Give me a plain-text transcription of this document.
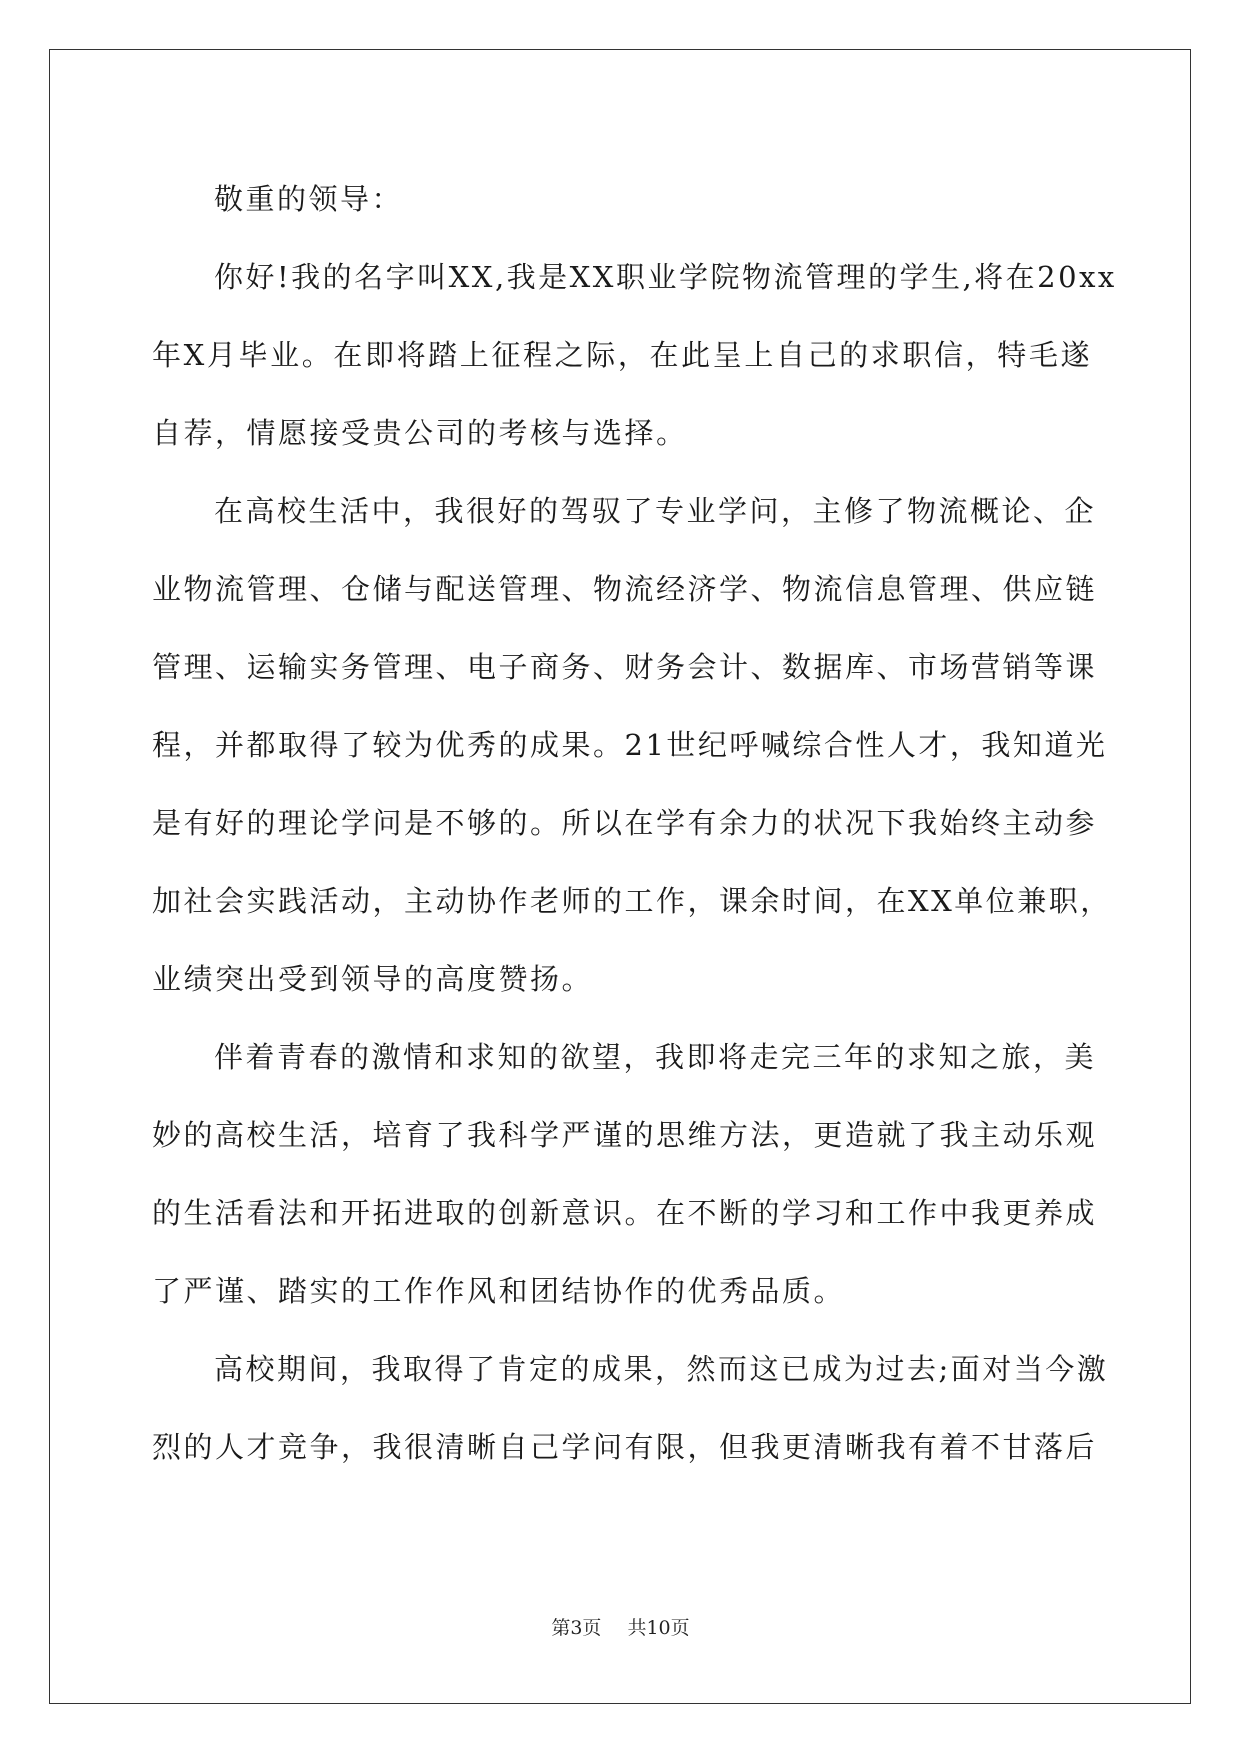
敬重的领导：
你好!我的名字叫XX,我是XX职业学院物流管理的学生,将在20xx
年X月毕业。在即将踏上征程之际，在此呈上自己的求职信，特毛遂
自荐，情愿接受贵公司的考核与选择。
在高校生活中，我很好的驾驭了专业学问，主修了物流概论、企
业物流管理、仓储与配送管理、物流经济学、物流信息管理、供应链
管理、运输实务管理、电子商务、财务会计、数据库、市场营销等课
程，并都取得了较为优秀的成果。21世纪呼喊综合性人才，我知道光
是有好的理论学问是不够的。所以在学有余力的状况下我始终主动参
加社会实践活动，主动协作老师的工作，课余时间，在XX单位兼职，
业绩突出受到领导的高度赞扬。
伴着青春的激情和求知的欲望，我即将走完三年的求知之旅，美
妙的高校生活，培育了我科学严谨的思维方法，更造就了我主动乐观
的生活看法和开拓进取的创新意识。在不断的学习和工作中我更养成
了严谨、踏实的工作作风和团结协作的优秀品质。
高校期间，我取得了肯定的成果，然而这已成为过去;面对当今激
烈的人才竞争，我很清晰自己学问有限，但我更清晰我有着不甘落后
第3页 共10页
